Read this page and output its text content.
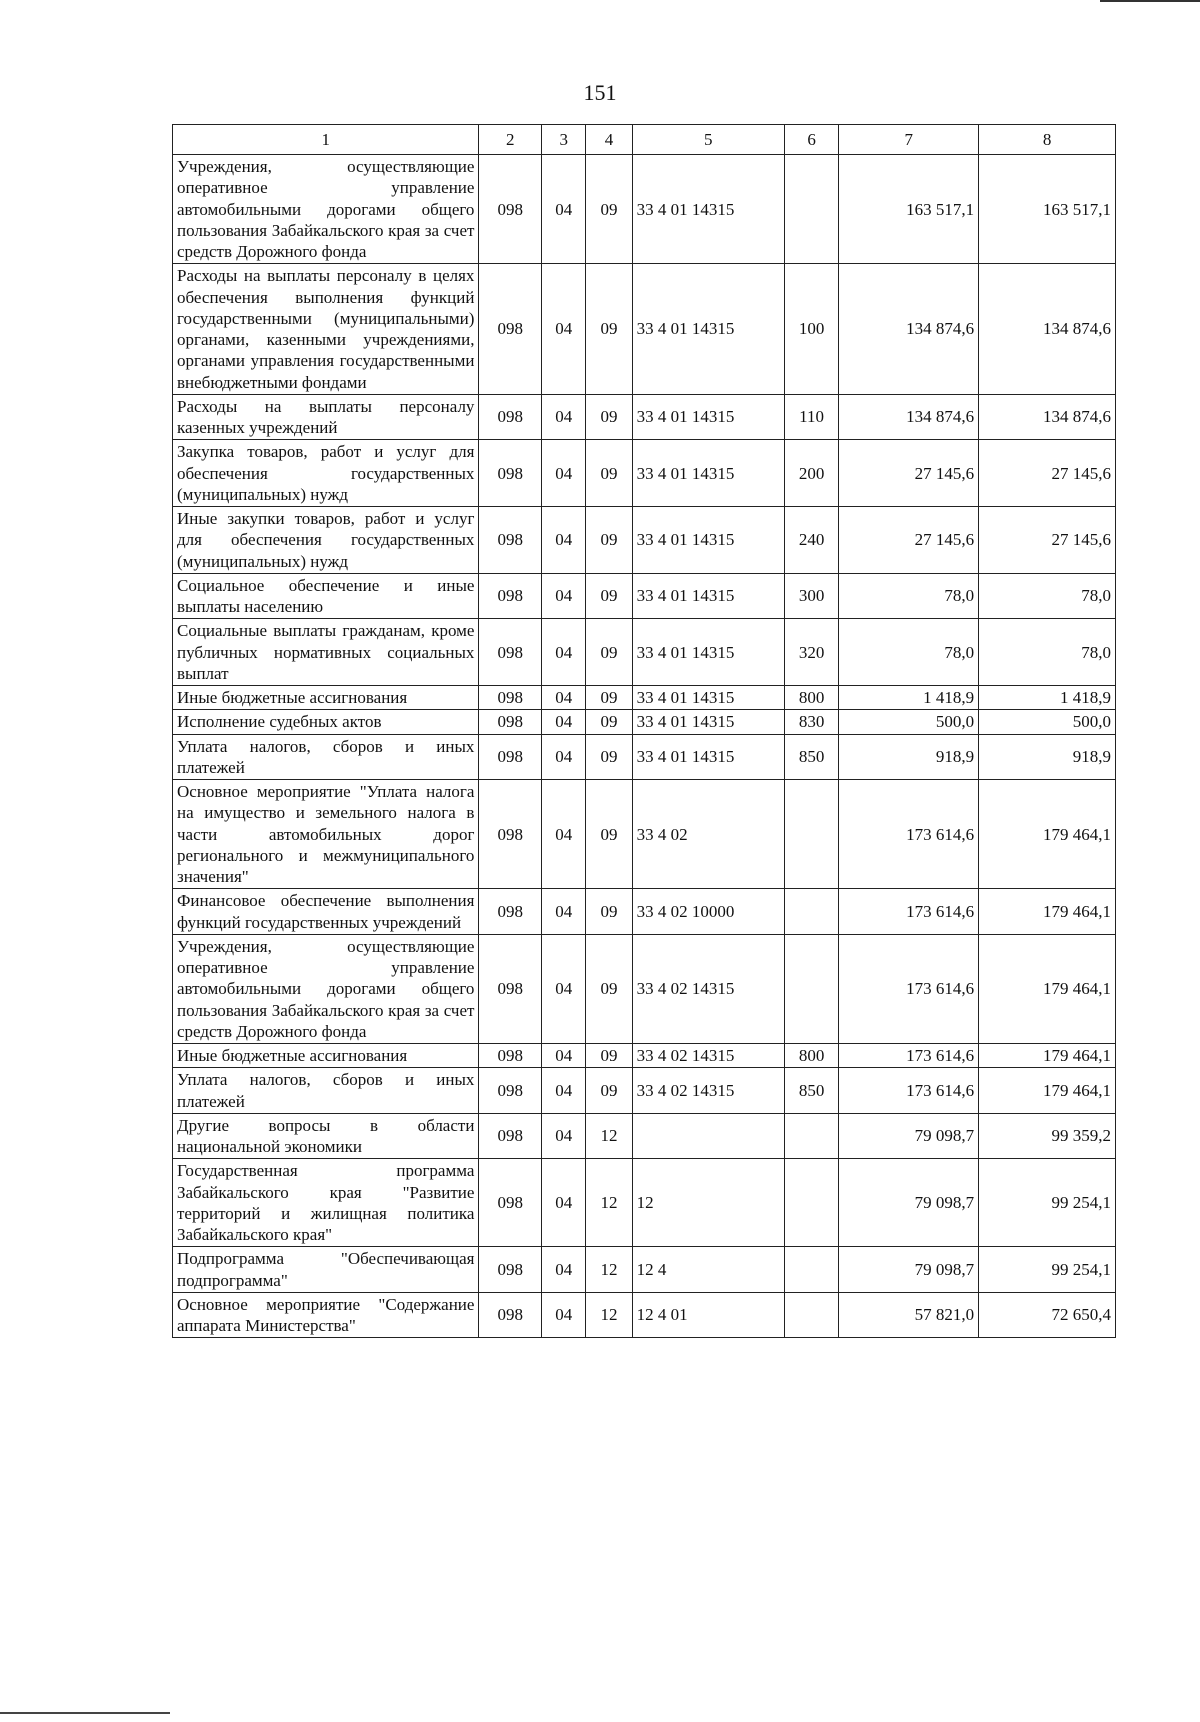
151
1	2	3	4	5	6	7	8
Учреждения, осуществляющие оперативное управление автомобильными дорогами общего пользования Забайкальского края за счет средств Дорожного фонда	098	04	09	33 4 01 14315		163 517,1	163 517,1
Расходы на выплаты персоналу в целях обеспечения выполнения функций государственными (муниципальными) органами, казенными учреждениями, органами управления государственными внебюджетными фондами	098	04	09	33 4 01 14315	100	134 874,6	134 874,6
Расходы на выплаты персоналу казенных учреждений	098	04	09	33 4 01 14315	110	134 874,6	134 874,6
Закупка товаров, работ и услуг для обеспечения государственных (муниципальных) нужд	098	04	09	33 4 01 14315	200	27 145,6	27 145,6
Иные закупки товаров, работ и услуг для обеспечения государственных (муниципальных) нужд	098	04	09	33 4 01 14315	240	27 145,6	27 145,6
Социальное обеспечение и иные выплаты населению	098	04	09	33 4 01 14315	300	78,0	78,0
Социальные выплаты гражданам, кроме публичных нормативных социальных выплат	098	04	09	33 4 01 14315	320	78,0	78,0
Иные бюджетные ассигнования	098	04	09	33 4 01 14315	800	1 418,9	1 418,9
Исполнение судебных актов	098	04	09	33 4 01 14315	830	500,0	500,0
Уплата налогов, сборов и иных платежей	098	04	09	33 4 01 14315	850	918,9	918,9
Основное мероприятие "Уплата налога на имущество и земельного налога в части автомобильных дорог регионального и межмуниципального значения"	098	04	09	33 4 02		173 614,6	179 464,1
Финансовое обеспечение выполнения функций государственных учреждений	098	04	09	33 4 02 10000		173 614,6	179 464,1
Учреждения, осуществляющие оперативное управление автомобильными дорогами общего пользования Забайкальского края за счет средств Дорожного фонда	098	04	09	33 4 02 14315		173 614,6	179 464,1
Иные бюджетные ассигнования	098	04	09	33 4 02 14315	800	173 614,6	179 464,1
Уплата налогов, сборов и иных платежей	098	04	09	33 4 02 14315	850	173 614,6	179 464,1
Другие вопросы в области национальной экономики	098	04	12			79 098,7	99 359,2
Государственная программа Забайкальского края "Развитие территорий и жилищная политика Забайкальского края"	098	04	12	12		79 098,7	99 254,1
Подпрограмма "Обеспечивающая подпрограмма"	098	04	12	12 4		79 098,7	99 254,1
Основное мероприятие "Содержание аппарата Министерства"	098	04	12	12 4 01		57 821,0	72 650,4
